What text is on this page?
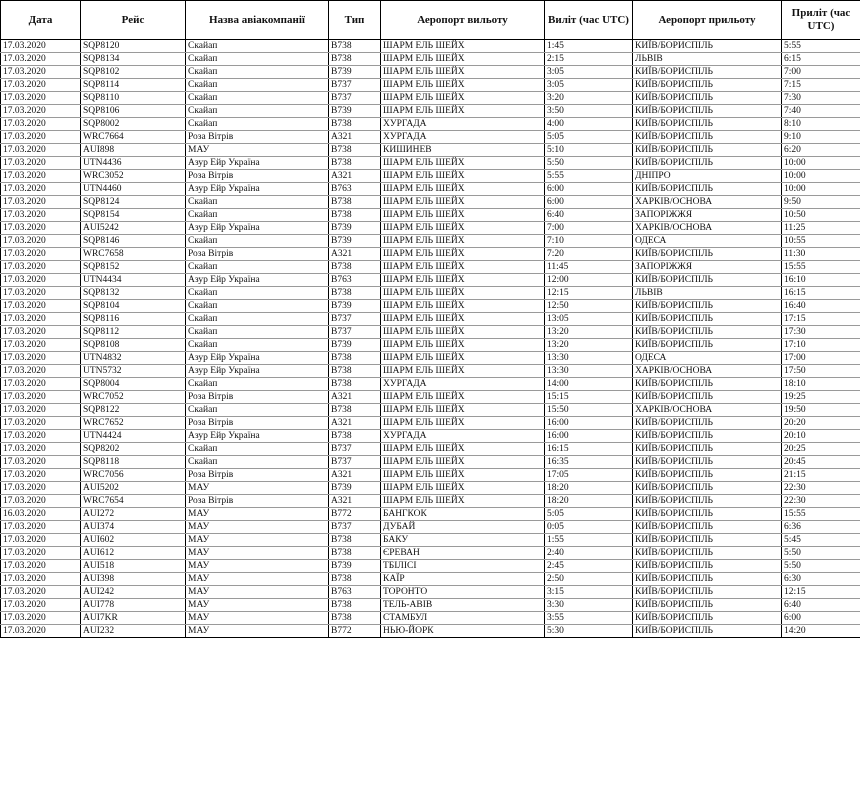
Дата	Рейс	Назва авіакомпанії	Тип	Аеропорт вильоту	Виліт (час UTC)	Аеропорт прильоту	Приліт (час UTC)
17.03.2020	SQP8120	Скайап	B738	ШАРМ ЕЛЬ ШЕЙХ	1:45	КИЇВ/БОРИСПІЛЬ	5:55
17.03.2020	SQP8134	Скайап	B738	ШАРМ ЕЛЬ ШЕЙХ	2:15	ЛЬВІВ	6:15
17.03.2020	SQP8102	Скайап	B739	ШАРМ ЕЛЬ ШЕЙХ	3:05	КИЇВ/БОРИСПІЛЬ	7:00
17.03.2020	SQP8114	Скайап	B737	ШАРМ ЕЛЬ ШЕЙХ	3:05	КИЇВ/БОРИСПІЛЬ	7:15
17.03.2020	SQP8110	Скайап	B737	ШАРМ ЕЛЬ ШЕЙХ	3:20	КИЇВ/БОРИСПІЛЬ	7:30
17.03.2020	SQP8106	Скайап	B739	ШАРМ ЕЛЬ ШЕЙХ	3:50	КИЇВ/БОРИСПІЛЬ	7:40
17.03.2020	SQP8002	Скайап	B738	ХУРГАДА	4:00	КИЇВ/БОРИСПІЛЬ	8:10
17.03.2020	WRC7664	Роза Вітрів	A321	ХУРГАДА	5:05	КИЇВ/БОРИСПІЛЬ	9:10
17.03.2020	AUI898	МАУ	B738	КИШИНЕВ	5:10	КИЇВ/БОРИСПІЛЬ	6:20
17.03.2020	UTN4436	Азур Ейр Україна	B738	ШАРМ ЕЛЬ ШЕЙХ	5:50	КИЇВ/БОРИСПІЛЬ	10:00
17.03.2020	WRC3052	Роза Вітрів	A321	ШАРМ ЕЛЬ ШЕЙХ	5:55	ДНІПРО	10:00
17.03.2020	UTN4460	Азур Ейр Україна	B763	ШАРМ ЕЛЬ ШЕЙХ	6:00	КИЇВ/БОРИСПІЛЬ	10:00
17.03.2020	SQP8124	Скайап	B738	ШАРМ ЕЛЬ ШЕЙХ	6:00	ХАРКІВ/ОСНОВА	9:50
17.03.2020	SQP8154	Скайап	B738	ШАРМ ЕЛЬ ШЕЙХ	6:40	ЗАПОРІЖЖЯ	10:50
17.03.2020	AUI5242	Азур Ейр Україна	B739	ШАРМ ЕЛЬ ШЕЙХ	7:00	ХАРКІВ/ОСНОВА	11:25
17.03.2020	SQP8146	Скайап	B739	ШАРМ ЕЛЬ ШЕЙХ	7:10	ОДЕСА	10:55
17.03.2020	WRC7658	Роза Вітрів	A321	ШАРМ ЕЛЬ ШЕЙХ	7:20	КИЇВ/БОРИСПІЛЬ	11:30
17.03.2020	SQP8152	Скайап	B738	ШАРМ ЕЛЬ ШЕЙХ	11:45	ЗАПОРІЖЖЯ	15:55
17.03.2020	UTN4434	Азур Ейр Україна	B763	ШАРМ ЕЛЬ ШЕЙХ	12:00	КИЇВ/БОРИСПІЛЬ	16:10
17.03.2020	SQP8132	Скайап	B738	ШАРМ ЕЛЬ ШЕЙХ	12:15	ЛЬВІВ	16:15
17.03.2020	SQP8104	Скайап	B739	ШАРМ ЕЛЬ ШЕЙХ	12:50	КИЇВ/БОРИСПІЛЬ	16:40
17.03.2020	SQP8116	Скайап	B737	ШАРМ ЕЛЬ ШЕЙХ	13:05	КИЇВ/БОРИСПІЛЬ	17:15
17.03.2020	SQP8112	Скайап	B737	ШАРМ ЕЛЬ ШЕЙХ	13:20	КИЇВ/БОРИСПІЛЬ	17:30
17.03.2020	SQP8108	Скайап	B739	ШАРМ ЕЛЬ ШЕЙХ	13:20	КИЇВ/БОРИСПІЛЬ	17:10
17.03.2020	UTN4832	Азур Ейр Україна	B738	ШАРМ ЕЛЬ ШЕЙХ	13:30	ОДЕСА	17:00
17.03.2020	UTN5732	Азур Ейр Україна	B738	ШАРМ ЕЛЬ ШЕЙХ	13:30	ХАРКІВ/ОСНОВА	17:50
17.03.2020	SQP8004	Скайап	B738	ХУРГАДА	14:00	КИЇВ/БОРИСПІЛЬ	18:10
17.03.2020	WRC7052	Роза Вітрів	A321	ШАРМ ЕЛЬ ШЕЙХ	15:15	КИЇВ/БОРИСПІЛЬ	19:25
17.03.2020	SQP8122	Скайап	B738	ШАРМ ЕЛЬ ШЕЙХ	15:50	ХАРКІВ/ОСНОВА	19:50
17.03.2020	WRC7652	Роза Вітрів	A321	ШАРМ ЕЛЬ ШЕЙХ	16:00	КИЇВ/БОРИСПІЛЬ	20:20
17.03.2020	UTN4424	Азур Ейр Україна	B738	ХУРГАДА	16:00	КИЇВ/БОРИСПІЛЬ	20:10
17.03.2020	SQP8202	Скайап	B737	ШАРМ ЕЛЬ ШЕЙХ	16:15	КИЇВ/БОРИСПІЛЬ	20:25
17.03.2020	SQP8118	Скайап	B737	ШАРМ ЕЛЬ ШЕЙХ	16:35	КИЇВ/БОРИСПІЛЬ	20:45
17.03.2020	WRC7056	Роза Вітрів	A321	ШАРМ ЕЛЬ ШЕЙХ	17:05	КИЇВ/БОРИСПІЛЬ	21:15
17.03.2020	AUI5202	МАУ	B739	ШАРМ ЕЛЬ ШЕЙХ	18:20	КИЇВ/БОРИСПІЛЬ	22:30
17.03.2020	WRC7654	Роза Вітрів	A321	ШАРМ ЕЛЬ ШЕЙХ	18:20	КИЇВ/БОРИСПІЛЬ	22:30
16.03.2020	AUI272	МАУ	B772	БАНГКОК	5:05	КИЇВ/БОРИСПІЛЬ	15:55
17.03.2020	AUI374	МАУ	B737	ДУБАЙ	0:05	КИЇВ/БОРИСПІЛЬ	6:36
17.03.2020	AUI602	МАУ	B738	БАКУ	1:55	КИЇВ/БОРИСПІЛЬ	5:45
17.03.2020	AUI612	МАУ	B738	ЄРЕВАН	2:40	КИЇВ/БОРИСПІЛЬ	5:50
17.03.2020	AUI518	МАУ	B739	ТБІЛІСІ	2:45	КИЇВ/БОРИСПІЛЬ	5:50
17.03.2020	AUI398	МАУ	B738	КАЇР	2:50	КИЇВ/БОРИСПІЛЬ	6:30
17.03.2020	AUI242	МАУ	B763	ТОРОНТО	3:15	КИЇВ/БОРИСПІЛЬ	12:15
17.03.2020	AUI778	МАУ	B738	ТЕЛЬ-АВІВ	3:30	КИЇВ/БОРИСПІЛЬ	6:40
17.03.2020	AUI7KR	МАУ	B738	СТАМБУЛ	3:55	КИЇВ/БОРИСПІЛЬ	6:00
17.03.2020	AUI232	МАУ	B772	НЬЮ-ЙОРК	5:30	КИЇВ/БОРИСПІЛЬ	14:20
